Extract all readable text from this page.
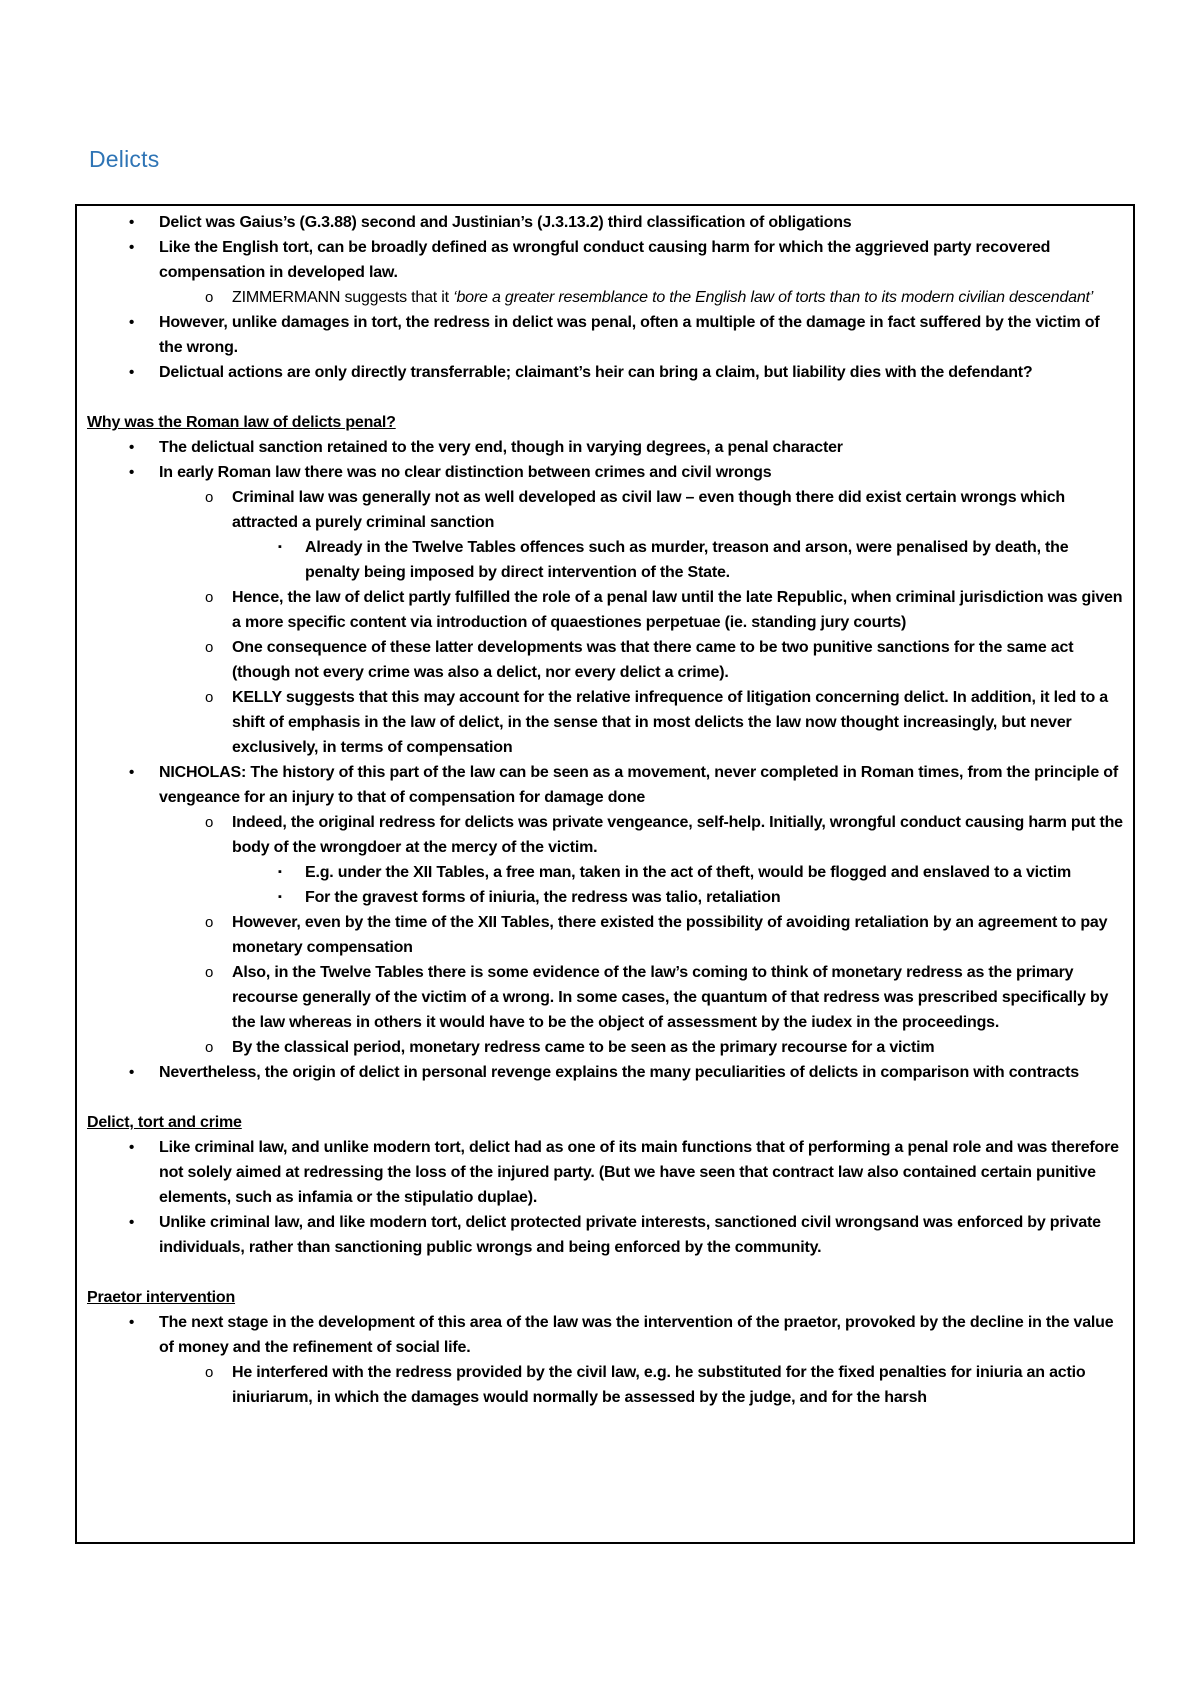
Delicts
• Delict was Gaius’s (G.3.88) second and Justinian’s (J.3.13.2) third classification of obligations
• Like the English tort, can be broadly defined as wrongful conduct causing harm for which the aggrieved party recovered compensation in developed law.
o ZIMMERMANN suggests that it ‘bore a greater resemblance to the English law of torts than to its modern civilian descendant’
• However, unlike damages in tort, the redress in delict was penal, often a multiple of the damage in fact suffered by the victim of the wrong.
• Delictual actions are only directly transferrable; claimant’s heir can bring a claim, but liability dies with the defendant?
Why was the Roman law of delicts penal?
• The delictual sanction retained to the very end, though in varying degrees, a penal character
• In early Roman law there was no clear distinction between crimes and civil wrongs
o Criminal law was generally not as well developed as civil law – even though there did exist certain wrongs which attracted a purely criminal sanction
▪ Already in the Twelve Tables offences such as murder, treason and arson, were penalised by death, the penalty being imposed by direct intervention of the State.
o Hence, the law of delict partly fulfilled the role of a penal law until the late Republic, when criminal jurisdiction was given a more specific content via introduction of quaestiones perpetuae (ie. standing jury courts)
o One consequence of these latter developments was that there came to be two punitive sanctions for the same act (though not every crime was also a delict, nor every delict a crime).
o KELLY suggests that this may account for the relative infrequence of litigation concerning delict. In addition, it led to a shift of emphasis in the law of delict, in the sense that in most delicts the law now thought increasingly, but never exclusively, in terms of compensation
• NICHOLAS: The history of this part of the law can be seen as a movement, never completed in Roman times, from the principle of vengeance for an injury to that of compensation for damage done
o Indeed, the original redress for delicts was private vengeance, self-help. Initially, wrongful conduct causing harm put the body of the wrongdoer at the mercy of the victim.
▪ E.g. under the XII Tables, a free man, taken in the act of theft, would be flogged and enslaved to a victim
▪ For the gravest forms of iniuria, the redress was talio, retaliation
o However, even by the time of the XII Tables, there existed the possibility of avoiding retaliation by an agreement to pay monetary compensation
o Also, in the Twelve Tables there is some evidence of the law’s coming to think of monetary redress as the primary recourse generally of the victim of a wrong. In some cases, the quantum of that redress was prescribed specifically by the law whereas in others it would have to be the object of assessment by the iudex in the proceedings.
o By the classical period, monetary redress came to be seen as the primary recourse for a victim
• Nevertheless, the origin of delict in personal revenge explains the many peculiarities of delicts in comparison with contracts
Delict, tort and crime
• Like criminal law, and unlike modern tort, delict had as one of its main functions that of performing a penal role and was therefore not solely aimed at redressing the loss of the injured party. (But we have seen that contract law also contained certain punitive elements, such as infamia or the stipulatio duplae).
• Unlike criminal law, and like modern tort, delict protected private interests, sanctioned civil wrongsand was enforced by private individuals, rather than sanctioning public wrongs and being enforced by the community.
Praetor intervention
• The next stage in the development of this area of the law was the intervention of the praetor, provoked by the decline in the value of money and the refinement of social life.
o He interfered with the redress provided by the civil law, e.g. he substituted for the fixed penalties for iniuria an actio iniuriarum, in which the damages would normally be assessed by the judge, and for the harsh
